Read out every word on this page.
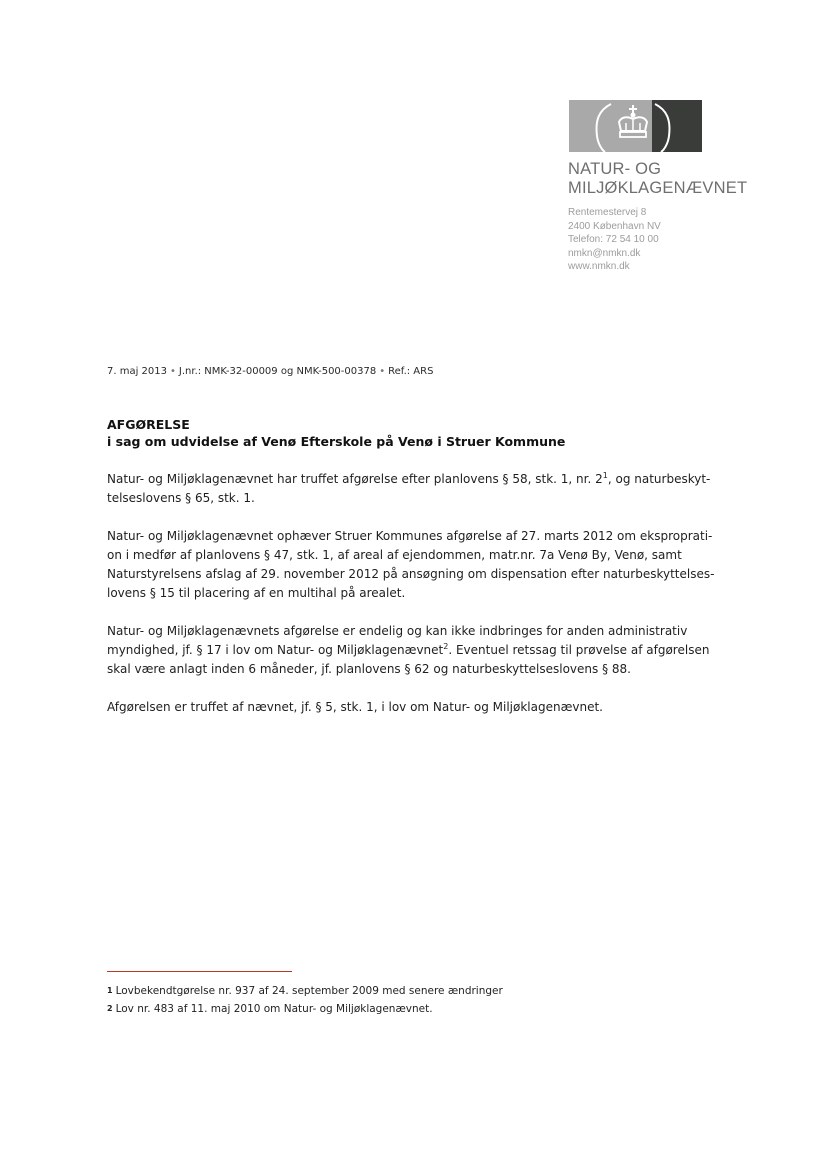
NATUR- OG
MILJØKLAGENÆVNET
Rentemestervej 8
2400 København NV
Telefon: 72 54 10 00
nmkn@nmkn.dk
www.nmkn.dk
7. maj 2013 • J.nr.: NMK-32-00009 og NMK-500-00378 • Ref.: ARS
AFGØRELSE
i sag om udvidelse af Venø Efterskole på Venø i Struer Kommune

Natur- og Miljøklagenævnet har truffet afgørelse efter planlovens § 58, stk. 1, nr. $2^1$, og naturbeskyt-
telseslovens § 65, stk. 1.

Natur- og Miljøklagenævnet ophæver Struer Kommunes afgørelse af 27. marts 2012 om eksproprati-
on i medfør af planlovens § 47, stk. 1, af areal af ejendommen, matr.nr. 7a Venø By, Venø, samt
Naturstyrelsens afslag af 29. november 2012 på ansøgning om dispensation efter naturbeskyttelses-
lovens § 15 til placering af en multihal på arealet.

Natur- og Miljøklagenævnets afgørelse er endelig og kan ikke indbringes for anden administrativ
myndighed, jf. § 17 i lov om Natur- og Miljøklagenævnet$^2$. Eventuel retssag til prøvelse af afgørelsen
skal være anlagt inden 6 måneder, jf. planlovens § 62 og naturbeskyttelseslovens § 88.

Afgørelsen er truffet af nævnet, jf. § 5, stk. 1, i lov om Natur- og Miljøklagenævnet.

$^1$ Lovbekendtgørelse nr. 937 af 24. september 2009 med senere ændringer
$^2$ Lov nr. 483 af 11. maj 2010 om Natur- og Miljøklagenævnet.
